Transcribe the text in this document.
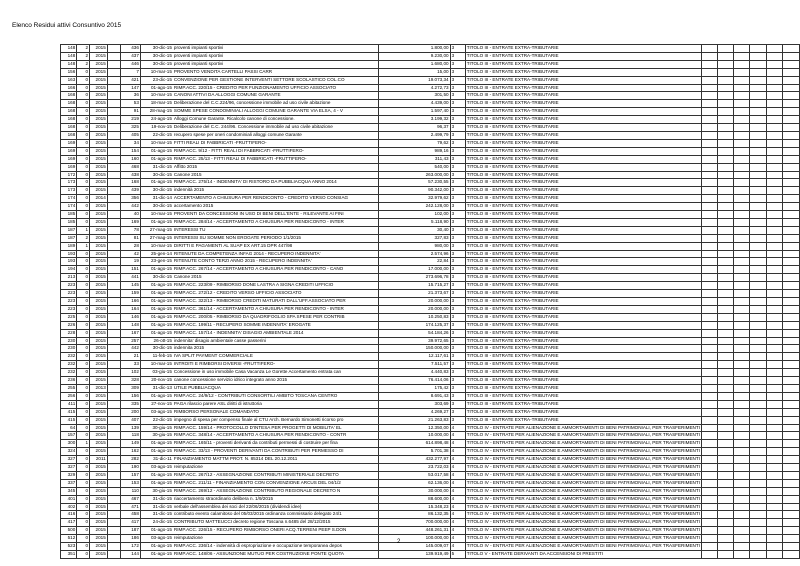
Elenco Residui attivi Consuntivo 2015
148	2	2015		436	30-dic-15 proventi impianti sportivi	1.800,00	3	TITOLO III - ENTRATE EXTRA-TRIBUTARIE						
148	2	2015		437	30-dic-15 proventi impianti sportivi	9.230,00	3	TITOLO III - ENTRATE EXTRA-TRIBUTARIE						
148	2	2015		446	30-dic-15 proventi impianti sportivi	1.680,00	3	TITOLO III - ENTRATE EXTRA-TRIBUTARIE						
156	0	2015		7	10-mar-15 PROVENTO VENDITA CARTELLI PASSI CARR	15,00	3	TITOLO III - ENTRATE EXTRA-TRIBUTARIE						
163	0	2015		421	23-dic-15 CONVENZIONE PER GESTIONE INTERVENTI SETTORE SCOLASTICO COL.CO	19.073,34	3	TITOLO III - ENTRATE EXTRA-TRIBUTARIE						
166	0	2015		147	01-ago-15 RIMP.ACC. 220/15 - CREDITO PER FUNZIONAMENTO UFFICIO ASSOCIATO	4.272,73	3	TITOLO III - ENTRATE EXTRA-TRIBUTARIE						
168	0	2015		36	10-mar-15 CANONI ATTIVI DA ALLOGGI COMUNE GARANTE	301,50	3	TITOLO III - ENTRATE EXTRA-TRIBUTARIE						
168	0	2015		53	18-mar-15 Deliberazione del C.C.224/96, concessione immobile ad uso civile abitazione	4.439,00	3	TITOLO III - ENTRATE EXTRA-TRIBUTARIE						
168	0	2015		91	28-mag-15 SOMME SPESE CONDOMINIALI ALLOGGI COMUNE GARANTE VIA ELSA, 4 - V	1.597,40	3	TITOLO III - ENTRATE EXTRA-TRIBUTARIE						
168	0	2015		219	24-ago-15 Alloggi Comune Garante. Ricalcolo canone di concessione.	3.199,32	3	TITOLO III - ENTRATE EXTRA-TRIBUTARIE						
168	0	2015		325	19-nov-15 Deliberazione del C.C. 244/96. Concessione immobile ad uso civile abitazione	96,37	3	TITOLO III - ENTRATE EXTRA-TRIBUTARIE						
168	0	2015		405	22-dic-15 recupero spese per oneri condominiali alloggi comune Garante	2.499,79	3	TITOLO III - ENTRATE EXTRA-TRIBUTARIE						
169	0	2015		34	10-mar-15 FITTI REALI DI FABBRICATI -FRUTTIFERO-	79,62	3	TITOLO III - ENTRATE EXTRA-TRIBUTARIE						
169	0	2015		154	01-ago-15 RIMP.ACC. 9/12 - FITTI REALI DI FABBRICATI -FRUTTIFERO-	989,16	3	TITOLO III - ENTRATE EXTRA-TRIBUTARIE						
169	0	2015		160	01-ago-15 RIMP.ACC. 25/13 - FITTI REALI DI FABBRICATI -FRUTTIFERO-	311,43	3	TITOLO III - ENTRATE EXTRA-TRIBUTARIE						
169	0	2015		468	31-dic-15 Affitto 2015	540,00	3	TITOLO III - ENTRATE EXTRA-TRIBUTARIE						
172	0	2015		438	30-dic-15 Canone 2015	263.000,00	3	TITOLO III - ENTRATE EXTRA-TRIBUTARIE						
173	0	2015		168	01-ago-15 RIMP.ACC. 275/14 - INDENNITA' DI RISTORO DA PUBBLIACQUA ANNO 2014	57.230,55	3	TITOLO III - ENTRATE EXTRA-TRIBUTARIE						
173	0	2015		439	30-dic-15 indennità 2015	90.342,00	3	TITOLO III - ENTRATE EXTRA-TRIBUTARIE						
174	0	2014		356	31-dic-14 ACCERTAMENTO A CHIUSURA PER RENDICONTO - CREDITO VERSO CONSIAG	32.979,62	3	TITOLO III - ENTRATE EXTRA-TRIBUTARIE						
174	0	2015		442	30-dic-15 accertamento 2015	242.128,00	3	TITOLO III - ENTRATE EXTRA-TRIBUTARIE						
185	0	2015		40	10-mar-15 PROVENTI DA CONCESSIONI IN USO DI BENI DELL'ENTE - RILEVANTE AI FINI	102,00	3	TITOLO III - ENTRATE EXTRA-TRIBUTARIE						
185	0	2015		169	01-ago-15 RIMP.ACC. 284/14 - ACCERTAMENTO A CHIUSURA PER RENDICONTO - INTER	5.118,90	3	TITOLO III - ENTRATE EXTRA-TRIBUTARIE						
187	1	2015		78	27-mag-15 INTERESSI TU	30,40	3	TITOLO III - ENTRATE EXTRA-TRIBUTARIE						
187	2	2015		81	27-mag-15 INTERESSI SU SOMME NON EROGATE PERIODO 1/1/2015	327,83	3	TITOLO III - ENTRATE EXTRA-TRIBUTARIE						
189	1	2015		28	10-mar-15 DIRITTI E PAGAMENTI AL SUAP EX ART.15 DPR 447/98	980,00	3	TITOLO III - ENTRATE EXTRA-TRIBUTARIE						
193	0	2015		42	25-gen-14 RITENUTE DA COMPETENZA INFAG 2014 - RECUPERO INDENNITA'	2.574,96	3	TITOLO III - ENTRATE EXTRA-TRIBUTARIE						
193	0	2015		19	23-gen-15 RITENUTE CONTO TERZI ANNO 2015 - RECUPERO INDENNITA'	22,84	3	TITOLO III - ENTRATE EXTRA-TRIBUTARIE						
194	0	2015		151	01-ago-15 RIMP.ACC. 267/14 - ACCERTAMENTO A CHIUSURA PER RENDICONTO - CANO	17.000,00	3	TITOLO III - ENTRATE EXTRA-TRIBUTARIE						
213	0	2015		441	30-dic-15 Canone 2015	273.696,78	3	TITOLO III - ENTRATE EXTRA-TRIBUTARIE						
223	0	2015		145	01-ago-15 RIMP.ACC. 223/09 - RIMBORSO DONE LASTRA A SIGNA CREDITI UFFICIO	15.715,27	3	TITOLO III - ENTRATE EXTRA-TRIBUTARIE						
223	0	2015		159	01-ago-15 RIMP.ACC. 272/12 - CREDITO VERSO UFFICIO ASSOCIATO	21.373,67	3	TITOLO III - ENTRATE EXTRA-TRIBUTARIE						
223	0	2015		166	01-ago-15 RIMP.ACC. 322/13 - RIMBORSO CREDITI MATURATI DALL'UFF.ASSOCIATO PER	20.000,00	3	TITOLO III - ENTRATE EXTRA-TRIBUTARIE						
223	0	2015		164	01-ago-15 RIMP.ACC. 361/14 - ACCERTAMENTO A CHIUSURA PER RENDICONTO - INTER	20.000,00	3	TITOLO III - ENTRATE EXTRA-TRIBUTARIE						
225	0	2015		146	01-ago-15 RIMP.ACC. 200/05 - RIMBORSO DA QUADRIFOGLIO SPA SPESE PER CONTRIB	10.250,83	3	TITOLO III - ENTRATE EXTRA-TRIBUTARIE						
226	0	2015		148	01-ago-15 RIMP.ACC. 199/11 - RECUPERO SOMME INDENNITA' EROGATE	174.125,37	3	TITOLO III - ENTRATE EXTRA-TRIBUTARIE						
228	0	2015		167	01-ago-15 RIMP.ACC. 157/14 - INDENNITA' DISAGIO AMBIENTALE 2014	54.184,26	3	TITOLO III - ENTRATE EXTRA-TRIBUTARIE						
230	0	2015		257	26-ott-15 indennita' disagio ambientale casse passerini	39.972,65	3	TITOLO III - ENTRATE EXTRA-TRIBUTARIE						
230	0	2015		442	30-dic-15 indennita 2015	150.000,00	3	TITOLO III - ENTRATE EXTRA-TRIBUTARIE						
232	0	2015		21	11-feb-15 IVA SPLIT PAYMENT COMMERCIALE	12.117,61	3	TITOLO III - ENTRATE EXTRA-TRIBUTARIE						
232	0	2015		33	10-mar-15 INTROITI E RIMBORSI DIVERSI -FRUTTIFERO-	7.511,57	3	TITOLO III - ENTRATE EXTRA-TRIBUTARIE						
232	0	2015		102	03-giu-15 Concessione in uso immobile Casa Vacanza Le Gorette Accertamento entrata can	4.440,83	3	TITOLO III - ENTRATE EXTRA-TRIBUTARIE						
236	0	2015		328	20-nov-15 canone concessione servizio idrico integrato anno 2015	76.414,06	3	TITOLO III - ENTRATE EXTRA-TRIBUTARIE						
255	0	2013		309	31-dic-13 UTILE PUBBLIACQUA	175,42	3	TITOLO III - ENTRATE EXTRA-TRIBUTARIE						
256	0	2015		156	01-ago-15 RIMP.ACC. 24/9/12 - CONTRIBUTI CONSORTILI AMBITO TOSCANA CENTRO	8.691,43	3	TITOLO III - ENTRATE EXTRA-TRIBUTARIE						
411	0	2015		335	27-nov-15 PAGA rilascio parere ASL diritti di istruttoria	303,69	3	TITOLO III - ENTRATE EXTRA-TRIBUTARIE						
415	0	2015		200	03-ago-15 RIMBORSO PERSONALE COMANDATO	4.269,27	3	TITOLO III - ENTRATE EXTRA-TRIBUTARIE						
415	0	2015		407	22-dic-15 impegno di spesa per compenso finale al CTU Arch. Bernardo Simonetti ricorso pro	21.263,83	3	TITOLO III - ENTRATE EXTRA-TRIBUTARIE						
64	0	2015		139	30-giu-15 RIMP.ACC. 159/14 - PROTOCOLLO D'INTESA PER PROGETTI DI MOBILITA' EL	12.350,00	4	TITOLO IV - ENTRATE PER ALIENAZIONE E AMMORTAMENTI DI BENI PATRIMONIALI, PER TRASFERIMENTI						
157	0	2015		118	30-giu-15 RIMP.ACC. 348/14 - ACCERTAMENTO A CHIUSURA PER RENDICONTO - CONTR	10.000,00	4	TITOLO IV - ENTRATE PER ALIENAZIONE E AMMORTAMENTI DI BENI PATRIMONIALI, PER TRASFERIMENTI						
300	1	2015		149	01-ago-15 RIMP.ACC. 165/11 - proventi derivanti da contributi permessi di costruire per fina	614.898,48	4	TITOLO IV - ENTRATE PER ALIENAZIONE E AMMORTAMENTI DI BENI PATRIMONIALI, PER TRASFERIMENTI						
324	0	2015		162	01-ago-15 RIMP.ACC. 33/13 - PROVENTI DERIVANTI DA CONTRIBUTI PER PERMESSO DI	5.701,38	4	TITOLO IV - ENTRATE PER ALIENAZIONE E AMMORTAMENTI DI BENI PATRIMONIALI, PER TRASFERIMENTI						
327	0	2011		282	31-dic-11 FINANZIAMENTO MATTM PROT. N. 85314 DEL 20.12.2011	432.277,97	4	TITOLO IV - ENTRATE PER ALIENAZIONE E AMMORTAMENTI DI BENI PATRIMONIALI, PER TRASFERIMENTI						
327	0	2015		190	03-ago-15 reimputazione	23.722,03	4	TITOLO IV - ENTRATE PER ALIENAZIONE E AMMORTAMENTI DI BENI PATRIMONIALI, PER TRASFERIMENTI						
329	0	2015		157	01-ago-15 RIMP.ACC. 267/12 - ASSEGNAZIONE CONTRIBUTI MINISTERIALE DECRETO	53.017,58	4	TITOLO IV - ENTRATE PER ALIENAZIONE E AMMORTAMENTI DI BENI PATRIMONIALI, PER TRASFERIMENTI						
337	0	2015		153	01-ago-15 RIMP.ACC. 211/11 - FINANZIAMENTO CON CONVENZIONE ARCUS DEL 04/1/2	62.136,00	4	TITOLO IV - ENTRATE PER ALIENAZIONE E AMMORTAMENTI DI BENI PATRIMONIALI, PER TRASFERIMENTI						
345	0	2015		110	30-giu-15 RIMP.ACC. 269/12 - ASSEGNAZIONE CONTRIBUTO REGIONALE DECRETO N	30.000,00	4	TITOLO IV - ENTRATE PER ALIENAZIONE E AMMORTAMENTI DI BENI PATRIMONIALI, PER TRASFERIMENTI						
401	0	2015		467	31-dic-15 riaccertamento straordinario delibera n. 1/9/2015	88.600,00	4	TITOLO IV - ENTRATE PER ALIENAZIONE E AMMORTAMENTI DI BENI PATRIMONIALI, PER TRASFERIMENTI						
402	0	2015		471	31-dic-15 verbale dell'assemblea dei soci del 22/06/2015 (dividendi idee)	15.348,23	4	TITOLO IV - ENTRATE PER ALIENAZIONE E AMMORTAMENTI DI BENI PATRIMONIALI, PER TRASFERIMENTI						
416	0	2015		458	31-dic-15 contributo evento calamitoso del 05/03/2015 ordinanza commissario delegato 24/1	86.132,35	4	TITOLO IV - ENTRATE PER ALIENAZIONE E AMMORTAMENTI DI BENI PATRIMONIALI, PER TRASFERIMENTI						
417	0	2015		417	24-dic-15 CONTRIBUTO MATTEUCCI decreto regione Toscana n.6485 del 28/12/2015	700.000,00	4	TITOLO IV - ENTRATE PER ALIENAZIONE E AMMORTAMENTI DI BENI PATRIMONIALI, PER TRASFERIMENTI						
500	0	2015		187	01-ago-15 RIMP.ACC. 226/15 - RECUPERO RIMBORSO ONERI ACQ.TERRENI PEEP S.DON	448.261,31	4	TITOLO IV - ENTRATE PER ALIENAZIONE E AMMORTAMENTI DI BENI PATRIMONIALI, PER TRASFERIMENTI						
512	0	2015		186	03-ago-15 reimputazione	100.000,00	4	TITOLO IV - ENTRATE PER ALIENAZIONE E AMMORTAMENTI DI BENI PATRIMONIALI, PER TRASFERIMENTI						
523	0	2015		172	01-ago-15 RIMP.ACC. 236/14 - indennità di espropriazione e occupazione temporanea depos	145.009,07	4	TITOLO IV - ENTRATE PER ALIENAZIONE E AMMORTAMENTI DI BENI PATRIMONIALI, PER TRASFERIMENTI						
351	0	2015		144	01-ago-15 RIMP.ACC. 148/06 - ASSUNZIONE MUTUO PER COSTRUZIONE PONTE QUOTA	139.919,49	5	TITOLO V - ENTRATE DERIVANTI DA ACCENSIONI DI PRESTITI						
2
